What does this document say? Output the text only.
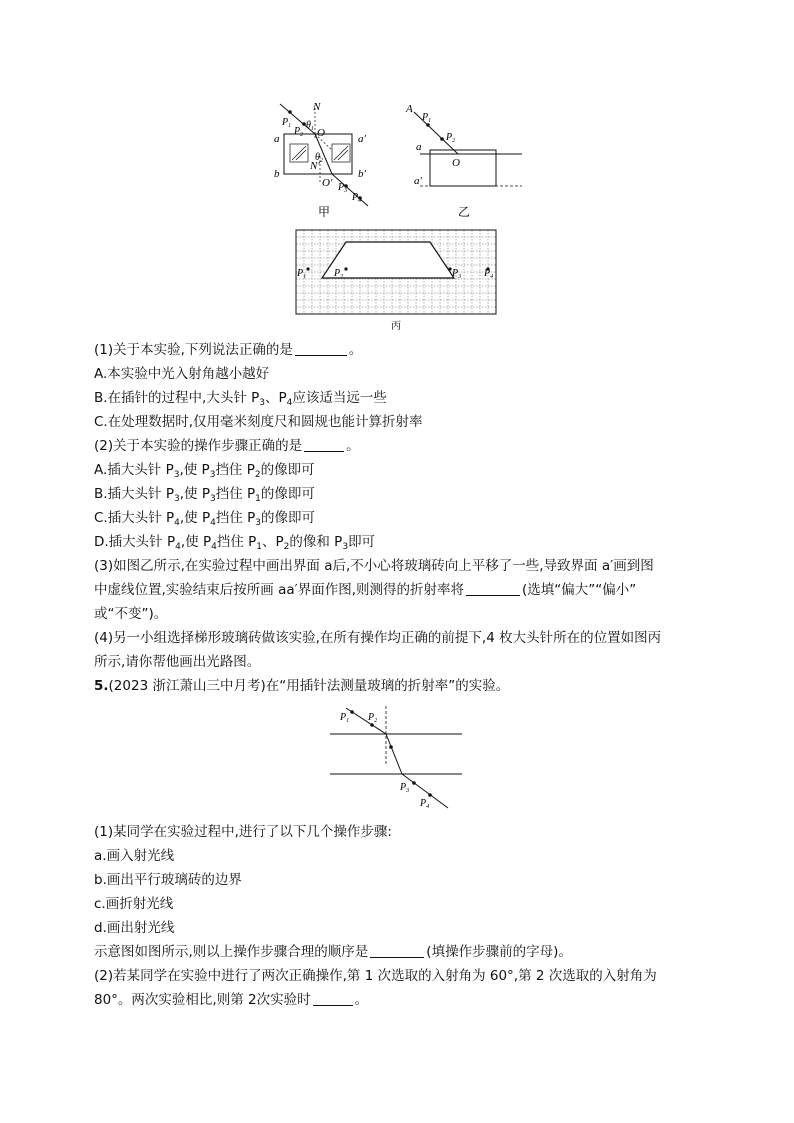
N
$P_1$ $\theta_1$
$P_2$ O
a	a′
$\theta_2$
N′
b	b′
O′ $P_3$
$P_4$
甲
A
$P_1$
$P_2$
a
O
a′
乙
$P_1$	$P_2$	$P_3$ $P_4$
丙
(1)关于本实验,下列说法正确的是	。
A.本实验中光入射角越小越好
B.在插针的过程中,大头针 $P_3$、$P_4$应该适当远一些
C.在处理数据时,仅用毫米刻度尺和圆规也能计算折射率
(2)关于本实验的操作步骤正确的是	。
A.插大头针 $P_3$,使 $P_3$挡住 $P_2$的像即可
B.插大头针 $P_3$,使 $P_3$挡住 $P_1$的像即可
C.插大头针 $P_4$,使 $P_4$挡住 $P_3$的像即可
D.插大头针 $P_4$,使 $P_4$挡住 $P_1$、$P_2$的像和 $P_3$即可
(3)如图乙所示,在实验过程中画出界面 a后,不小心将玻璃砖向上平移了一些,导致界面 a′画到图
中虚线位置,实验结束后按所画 aa′界面作图,则测得的折射率将	(选填“偏大”“偏小”
或“不变”)。
(4)另一小组选择梯形玻璃砖做该实验,在所有操作均正确的前提下,4 枚大头针所在的位置如图丙
所示,请你帮他画出光路图。
5.(2023 浙江萧山三中月考)在“用插针法测量玻璃的折射率”的实验。
$P_1$ $P_2$
$P_3$
$P_4$
(1)某同学在实验过程中,进行了以下几个操作步骤:
a.画入射光线
b.画出平行玻璃砖的边界
c.画折射光线
d.画出射光线
示意图如图所示,则以上操作步骤合理的顺序是	(填操作步骤前的字母)。
(2)若某同学在实验中进行了两次正确操作,第 1 次选取的入射角为 60°,第 2 次选取的入射角为
80°。两次实验相比,则第 2次实验时	。
